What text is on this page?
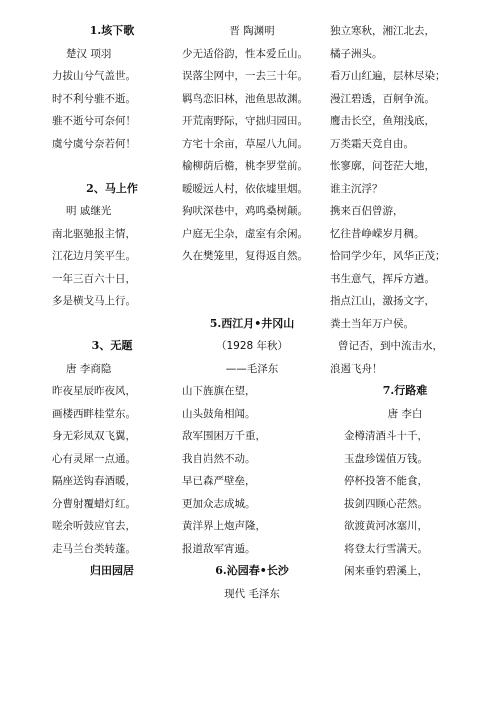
1.垓下歌
楚汉 项羽
力拔山兮气盖世。
时不利兮骓不逝。
骓不逝兮可奈何！
虞兮虞兮奈若何！
2、马上作
明 戚继光
南北驱驰报主情，
江花边月笑平生。
一年三百六十日，
多是横戈马上行。
3、无题
唐 李商隐
昨夜星辰昨夜风，
画楼西畔桂堂东。
身无彩凤双飞翼，
心有灵犀一点通。
隔座送钩春酒暖，
分曹射覆蜡灯红。
嗟余听鼓应官去，
走马兰台类转蓬。
归田园居
晋 陶渊明
少无适俗韵，性本爱丘山。
误落尘网中，一去三十年。
羁鸟恋旧林，池鱼思故渊。
开荒南野际，守拙归园田。
方宅十余亩，草屋八九间。
榆柳荫后檐，桃李罗堂前。
暧暧远人村，依依墟里烟。
狗吠深巷中，鸡鸣桑树颠。
户庭无尘杂，虚室有余闲。
久在樊笼里，复得返自然。
5.西江月•井冈山
（1928 年秋）
——毛泽东
山下旌旗在望，
山头鼓角相闻。
敌军围困万千重，
我自岿然不动。
早已森严壁垒，
更加众志成城。
黄洋界上炮声隆，
报道敌军宵遁。
6.沁园春•长沙
现代 毛泽东
独立寒秋，湘江北去，
橘子洲头。
看万山红遍，层林尽染；
漫江碧透，百舸争流。
鹰击长空，鱼翔浅底，
万类霜天竞自由。
怅寥廓，问苍茫大地，
谁主沉浮？
携来百侣曾游，
忆往昔峥嵘岁月稠。
恰同学少年，风华正茂；
书生意气，挥斥方遒。
指点江山，激扬文字，
粪土当年万户侯。
曾记否，到中流击水，
浪遏飞舟！
7.行路难
唐 李白
金樽清酒斗十千，
玉盘珍馐值万钱。
停杯投箸不能食，
拔剑四顾心茫然。
欲渡黄河冰塞川，
将登太行雪满天。
闲来垂钓碧溪上，
